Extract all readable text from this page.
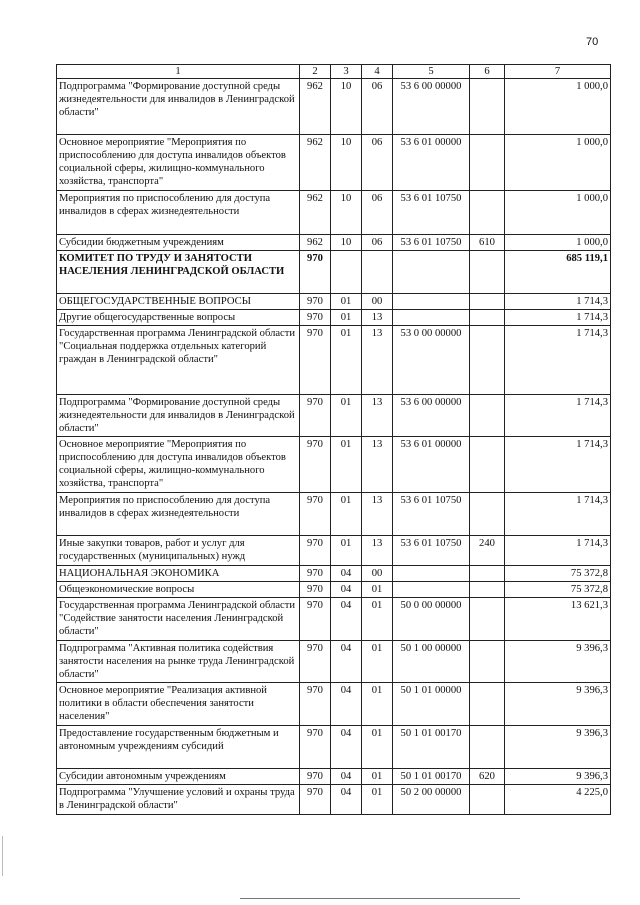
70
1	2	3	4	5	6	7
Подпрограмма "Формирование доступной среды жизнедеятельности для инвалидов в Ленинградской области"	962	10	06	53 6 00 00000		1 000,0
Основное мероприятие "Мероприятия по приспособлению для доступа инвалидов объектов социальной сферы, жилищно-коммунального хозяйства, транспорта"	962	10	06	53 6 01 00000		1 000,0
Мероприятия по приспособлению для доступа инвалидов в сферах жизнедеятельности	962	10	06	53 6 01 10750		1 000,0
Субсидии бюджетным учреждениям	962	10	06	53 6 01 10750	610	1 000,0
КОМИТЕТ ПО ТРУДУ И ЗАНЯТОСТИ НАСЕЛЕНИЯ ЛЕНИНГРАДСКОЙ ОБЛАСТИ	970					685 119,1
ОБЩЕГОСУДАРСТВЕННЫЕ ВОПРОСЫ	970	01	00			1 714,3
Другие общегосударственные вопросы	970	01	13			1 714,3
Государственная программа Ленинградской области "Социальная поддержка отдельных категорий граждан в Ленинградской области"	970	01	13	53 0 00 00000		1 714,3
Подпрограмма "Формирование доступной среды жизнедеятельности для инвалидов в Ленинградской области"	970	01	13	53 6 00 00000		1 714,3
Основное мероприятие "Мероприятия по приспособлению для доступа инвалидов объектов социальной сферы, жилищно-коммунального хозяйства, транспорта"	970	01	13	53 6 01 00000		1 714,3
Мероприятия по приспособлению для доступа инвалидов в сферах жизнедеятельности	970	01	13	53 6 01 10750		1 714,3
Иные закупки товаров, работ и услуг для государственных (муниципальных) нужд	970	01	13	53 6 01 10750	240	1 714,3
НАЦИОНАЛЬНАЯ ЭКОНОМИКА	970	04	00			75 372,8
Общеэкономические вопросы	970	04	01			75 372,8
Государственная программа Ленинградской области "Содействие занятости населения Ленинградской области"	970	04	01	50 0 00 00000		13 621,3
Подпрограмма "Активная политика содействия занятости населения на рынке труда Ленинградской области"	970	04	01	50 1 00 00000		9 396,3
Основное мероприятие "Реализация активной политики в области обеспечения занятости населения"	970	04	01	50 1 01 00000		9 396,3
Предоставление государственным бюджетным и автономным учреждениям субсидий	970	04	01	50 1 01 00170		9 396,3
Субсидии автономным учреждениям	970	04	01	50 1 01 00170	620	9 396,3
Подпрограмма "Улучшение условий и охраны труда в Ленинградской области"	970	04	01	50 2 00 00000		4 225,0
